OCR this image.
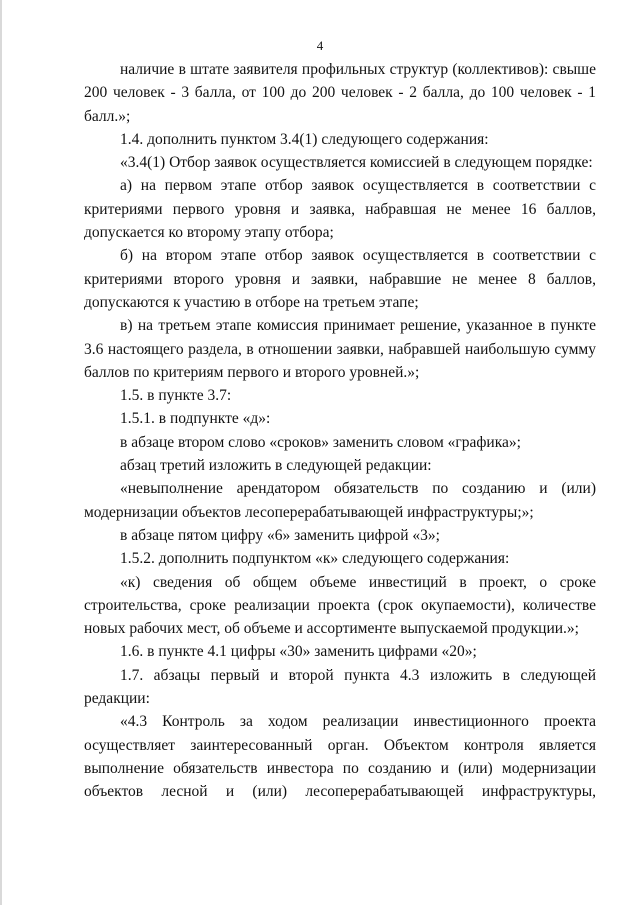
4

наличие в штате заявителя профильных структур (коллективов): свыше 200 человек - 3 балла, от 100 до 200 человек - 2 балла, до 100 человек - 1 балл.»;

1.4. дополнить пунктом 3.4(1) следующего содержания:

«3.4(1) Отбор заявок осуществляется комиссией в следующем порядке:

а) на первом этапе отбор заявок осуществляется в соответствии с критериями первого уровня и заявка, набравшая не менее 16 баллов, допускается ко второму этапу отбора;

б) на втором этапе отбор заявок осуществляется в соответствии с критериями второго уровня и заявки, набравшие не менее 8 баллов, допускаются к участию в отборе на третьем этапе;

в) на третьем этапе комиссия принимает решение, указанное в пункте 3.6 настоящего раздела, в отношении заявки, набравшей наибольшую сумму баллов по критериям первого и второго уровней.»;

1.5. в пункте 3.7:

1.5.1. в подпункте «д»:

в абзаце втором слово «сроков» заменить словом «графика»;

абзац третий изложить в следующей редакции:

«невыполнение арендатором обязательств по созданию и (или) модернизации объектов лесоперерабатывающей инфраструктуры;»;

в абзаце пятом цифру «6» заменить цифрой «3»;

1.5.2. дополнить подпунктом «к» следующего содержания:

«к) сведения об общем объеме инвестиций в проект, о сроке строительства, сроке реализации проекта (срок окупаемости), количестве новых рабочих мест, об объеме и ассортименте выпускаемой продукции.»;

1.6. в пункте 4.1 цифры «30» заменить цифрами «20»;

1.7. абзацы первый и второй пункта 4.3 изложить в следующей редакции:

«4.3 Контроль за ходом реализации инвестиционного проекта осуществляет заинтересованный орган. Объектом контроля является выполнение обязательств инвестора по созданию и (или) модернизации объектов лесной и (или) лесоперерабатывающей инфраструктуры,
